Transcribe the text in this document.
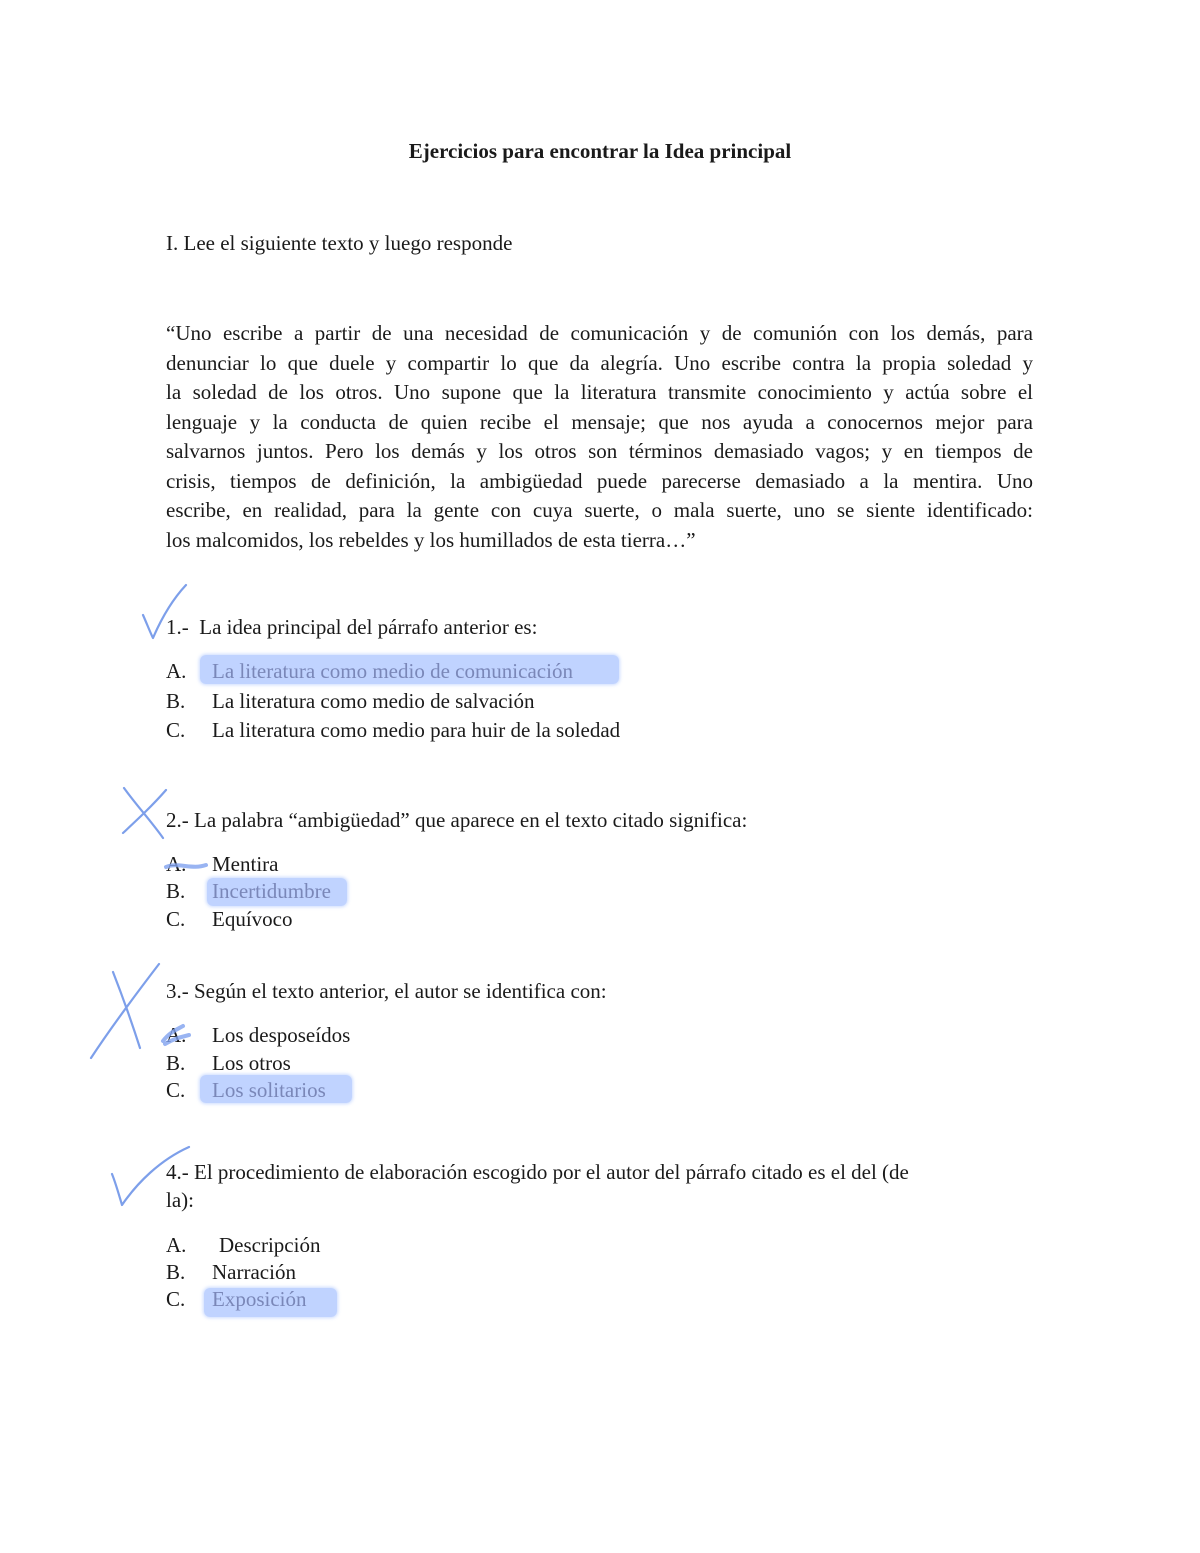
Ejercicios para encontrar la Idea principal
I. Lee el siguiente texto y luego responde
“Uno escribe a partir de una necesidad de comunicación y de comunión con los demás, para
denunciar lo que duele y compartir lo que da alegría. Uno escribe contra la propia soledad y
la soledad de los otros. Uno supone que la literatura transmite conocimiento y actúa sobre el
lenguaje y la conducta de quien recibe el mensaje; que nos ayuda a conocernos mejor para
salvarnos juntos. Pero los demás y los otros son términos demasiado vagos; y en tiempos de
crisis, tiempos de definición, la ambigüedad puede parecerse demasiado a la mentira. Uno
escribe, en realidad, para la gente con cuya suerte, o mala suerte, uno se siente identificado:
los malcomidos, los rebeldes y los humillados de esta tierra…”
1.- La idea principal del párrafo anterior es:
A. La literatura como medio de comunicación
B. La literatura como medio de salvación
C. La literatura como medio para huir de la soledad
2.- La palabra “ambigüedad” que aparece en el texto citado significa:
A. Mentira
B. Incertidumbre
C. Equívoco
3.- Según el texto anterior, el autor se identifica con:
A. Los desposeídos
B. Los otros
C. Los solitarios
4.- El procedimiento de elaboración escogido por el autor del párrafo citado es el del (de
la):
A. Descripción
B. Narración
C. Exposición
